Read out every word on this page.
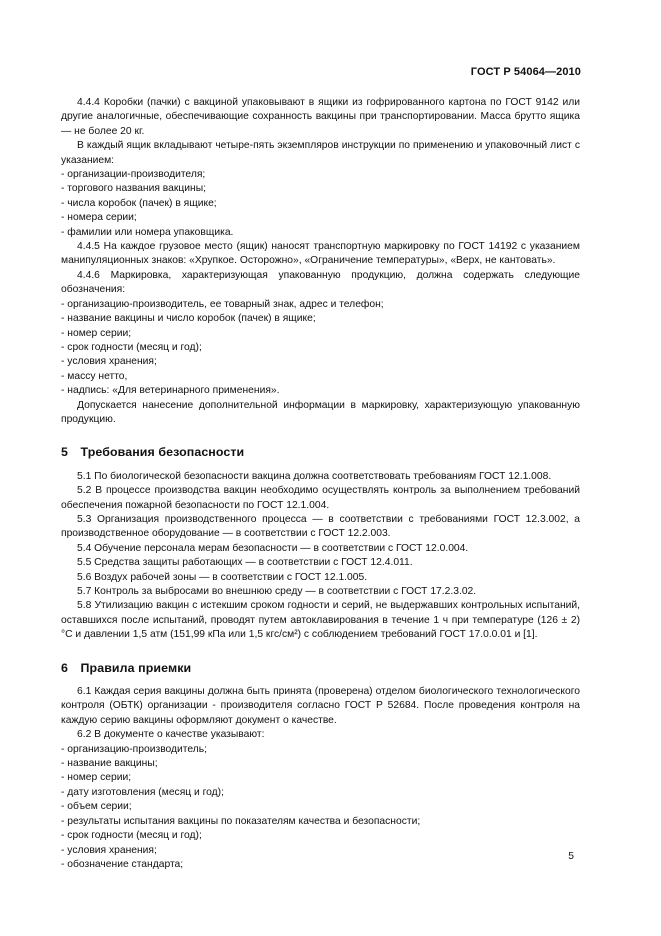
ГОСТ Р 54064—2010

4.4.4 Коробки (пачки) с вакциной упаковывают в ящики из гофрированного картона по ГОСТ 9142 или другие аналогичные, обеспечивающие сохранность вакцины при транспортировании. Масса брутто ящика — не более 20 кг.

В каждый ящик вкладывают четыре-пять экземпляров инструкции по применению и упаковочный лист с указанием:

- организации-производителя;

- торгового названия вакцины;

- числа коробок (пачек) в ящике;

- номера серии;

- фамилии или номера упаковщика.

4.4.5 На каждое грузовое место (ящик) наносят транспортную маркировку по ГОСТ 14192 с указанием манипуляционных знаков: «Хрупкое. Осторожно», «Ограничение температуры», «Верх, не кантовать».

4.4.6 Маркировка, характеризующая упакованную продукцию, должна содержать следующие обозначения:

- организацию-производитель, ее товарный знак, адрес и телефон;

- название вакцины и число коробок (пачек) в ящике;

- номер серии;

- срок годности (месяц и год);

- условия хранения;

- массу нетто,

- надпись: «Для ветеринарного применения».

Допускается нанесение дополнительной информации в маркировку, характеризующую упакованную продукцию.

5 Требования безопасности

5.1 По биологической безопасности вакцина должна соответствовать требованиям ГОСТ 12.1.008.

5.2 В процессе производства вакцин необходимо осуществлять контроль за выполнением требований обеспечения пожарной безопасности по ГОСТ 12.1.004.

5.3 Организация производственного процесса — в соответствии с требованиями ГОСТ 12.3.002, а производственное оборудование — в соответствии с ГОСТ 12.2.003.

5.4 Обучение персонала мерам безопасности — в соответствии с ГОСТ 12.0.004.

5.5 Средства защиты работающих — в соответствии с ГОСТ 12.4.011.

5.6 Воздух рабочей зоны — в соответствии с ГОСТ 12.1.005.

5.7 Контроль за выбросами во внешнюю среду — в соответствии с ГОСТ 17.2.3.02.

5.8 Утилизацию вакцин с истекшим сроком годности и серий, не выдержавших контрольных испытаний, оставшихся после испытаний, проводят путем автоклавирования в течение 1 ч при температуре (126 ± 2) °С и давлении 1,5 атм (151,99 кПа или 1,5 кгс/см²) с соблюдением требований ГОСТ 17.0.0.01 и [1].

6 Правила приемки

6.1 Каждая серия вакцины должна быть принята (проверена) отделом биологического технологического контроля (ОБТК) организации - производителя согласно ГОСТ Р 52684. После проведения контроля на каждую серию вакцины оформляют документ о качестве.

6.2 В документе о качестве указывают:

- организацию-производитель;

- название вакцины;

- номер серии;

- дату изготовления (месяц и год);

- объем серии;

- результаты испытания вакцины по показателям качества и безопасности;

- срок годности (месяц и год);

- условия хранения;

- обозначение стандарта;

5
